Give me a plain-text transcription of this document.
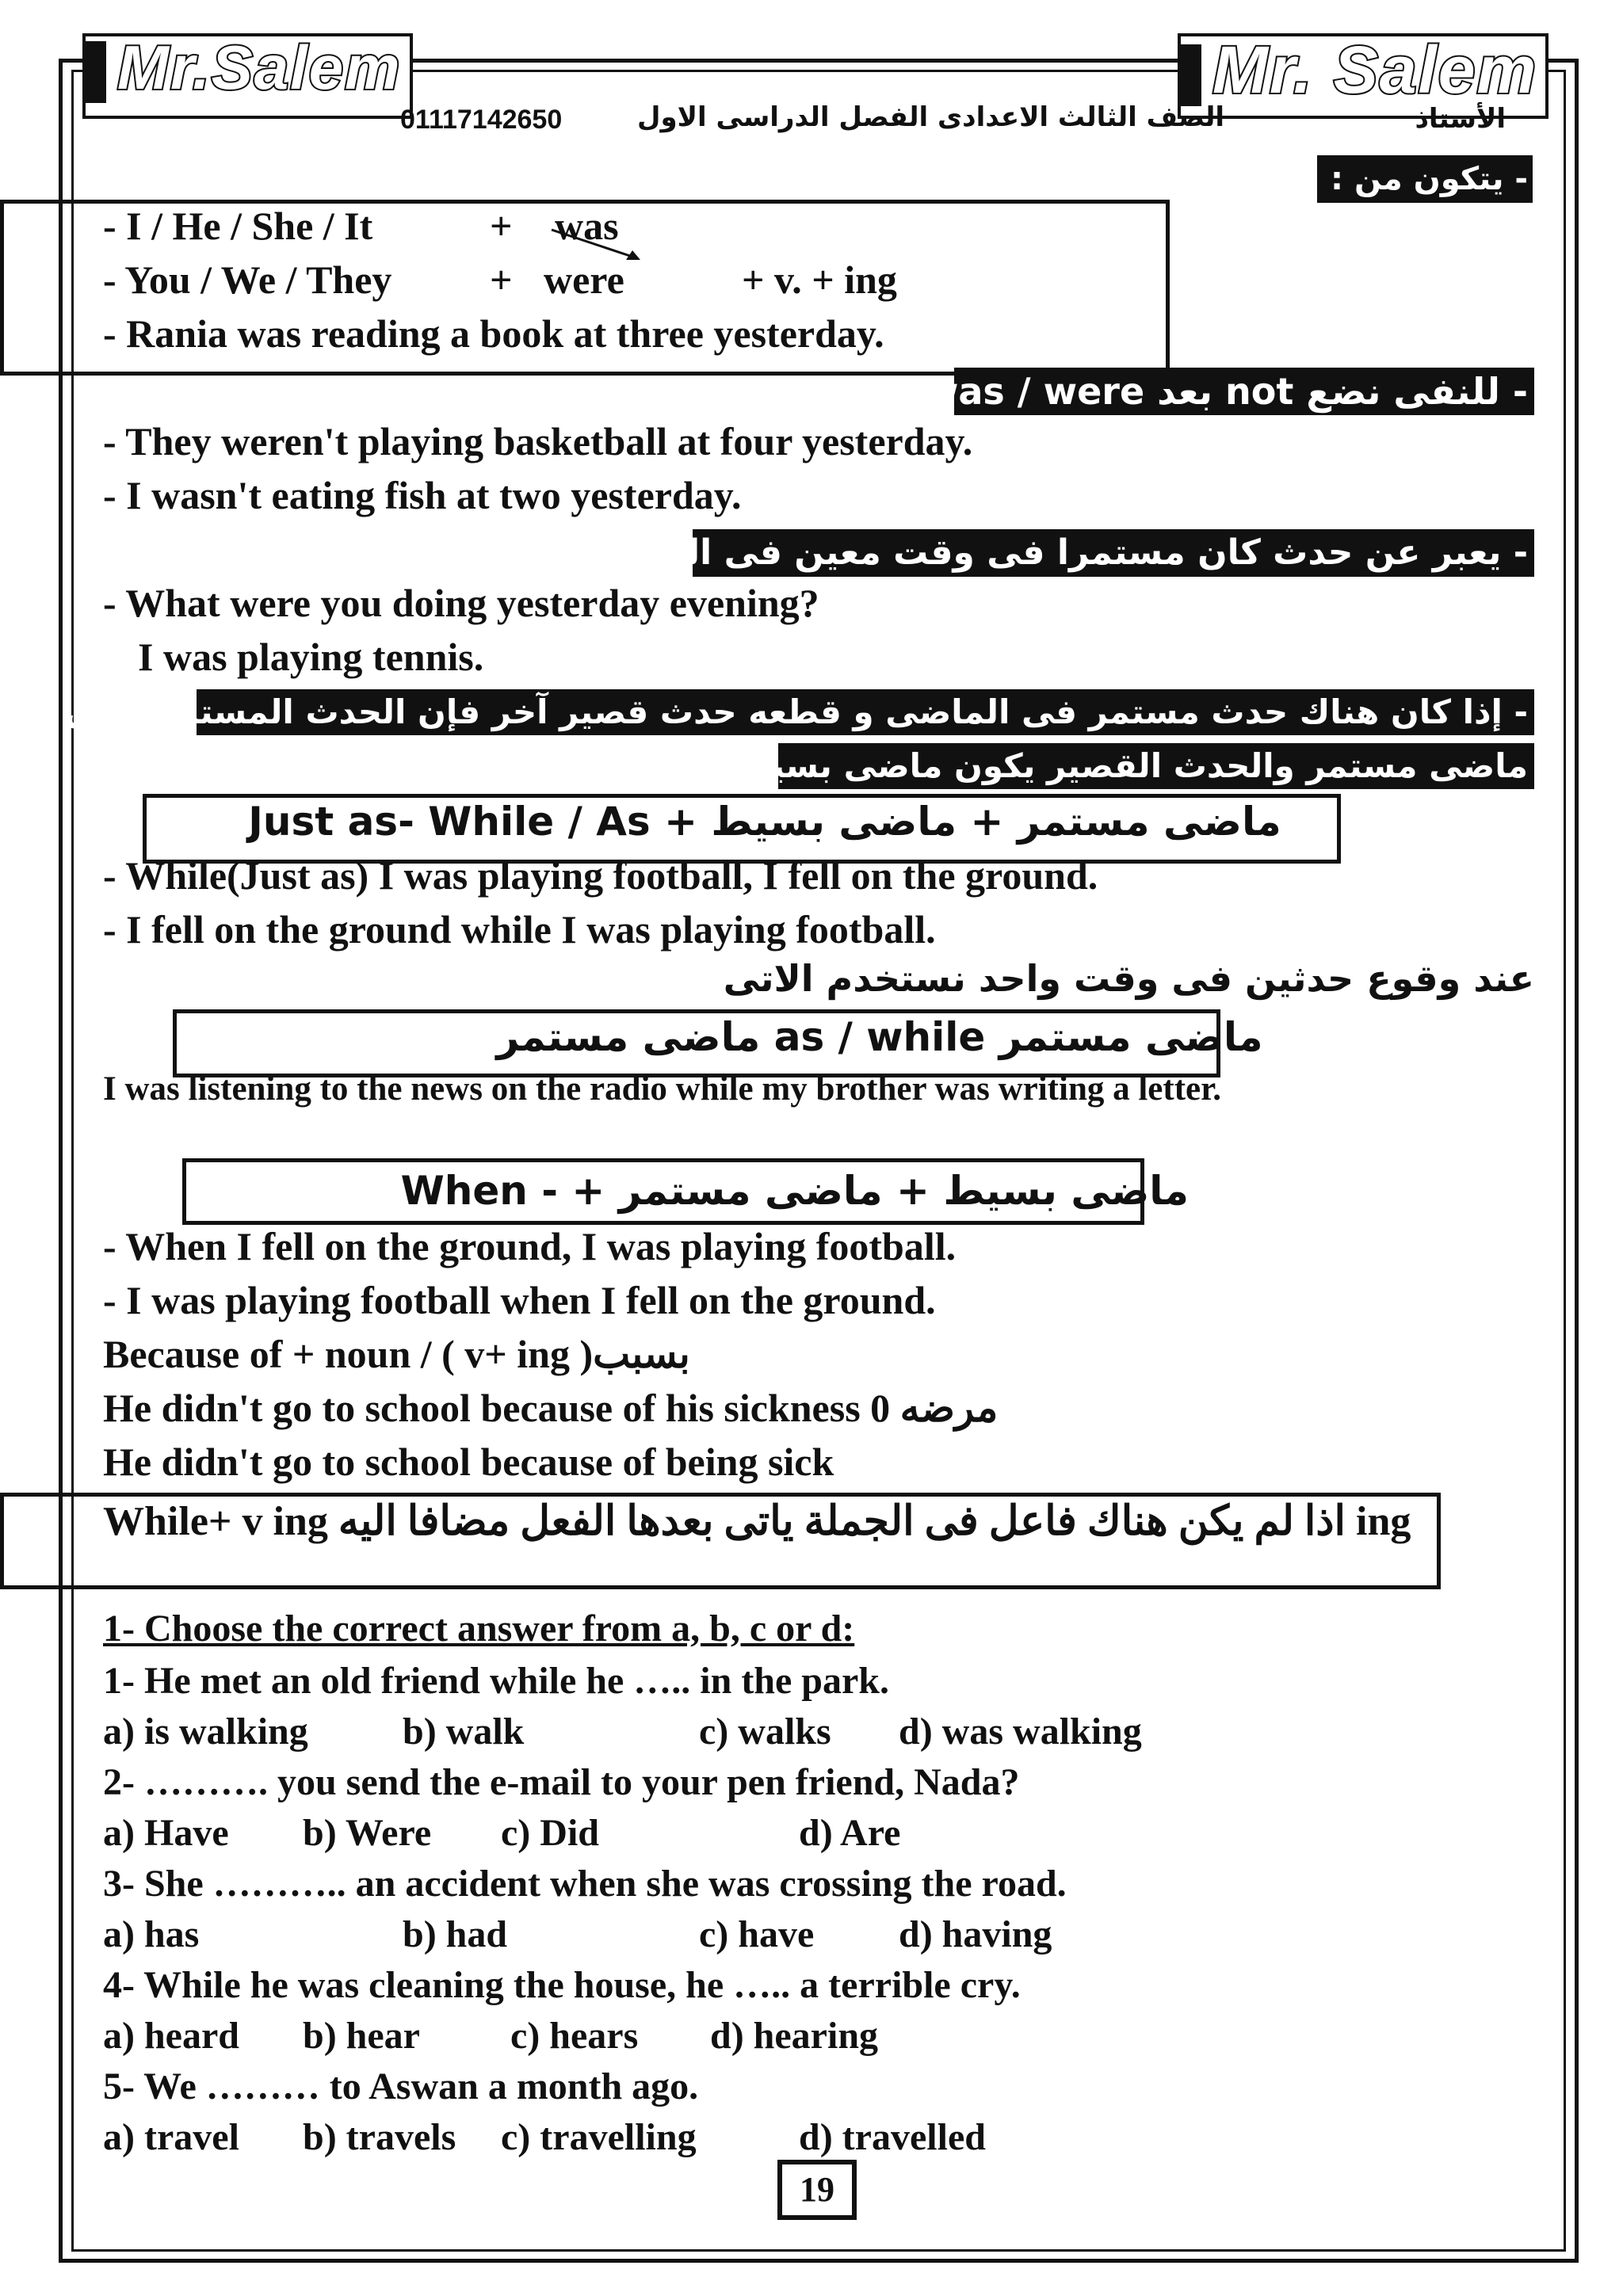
Mr.Salem	Mr. Salem
01117142650	الصف الثالث الاعدادى الفصل الدراسى الاول	الأستاذ
- يتكون من :
- I / He / She / It	+ was
- You / We / They + were	+ v. + ing
- Rania was reading a book at three yesterday.
- للنفى نضع not بعد was / were
- They weren't playing basketball at four yesterday.
- I wasn't eating fish at two yesterday.
- يعبر عن حدث كان مستمرا فى وقت معين فى الماضى .
- What were you doing yesterday evening?
I was playing tennis.
- إذا كان هناك حدث مستمر فى الماضى و قطعه حدث قصير آخر فإن الحدث المستمر يكون
ماضى مستمر والحدث القصير يكون ماضى بسيط .
ماضى مستمر + ماضى بسيط + Just as- While / As
- While(Just as) I was playing football, I fell on the ground.
- I fell on the ground while I was playing football.
عند وقوع حدثين فى وقت واحد نستخدم الاتى
ماضى مستمر as / while ماضى مستمر
I was listening to the news on the radio while my brother was writing a letter.
ماضى بسيط + ماضى مستمر + - When
- When I fell on the ground, I was playing football.
- I was playing football when I fell on the ground.
Because of + noun / ( v+ ing )بسبب
He didn't go to school because of his sickness 0 مرضه
He didn't go to school because of being sick
While+ v ing اذا لم يكن هناك فاعل فى الجملة ياتى بعدها الفعل مضافا اليه ing
1- Choose the correct answer from a, b, c or d:
1- He met an old friend while he ….. in the park.
a) is walking b) walk	c) walks d) was walking
2- ………. you send the e-mail to your pen friend, Nada?
a) Have b) Were c) Did	d) Are
3- She ……….. an accident when she was crossing the road.
a) has	b) had	c) have d) having
4- While he was cleaning the house, he ….. a terrible cry.
a) heard b) hear c) hears d) hearing
5- We ……… to Aswan a month ago.
a) travel b) travels c) travelling	d) travelled
19
